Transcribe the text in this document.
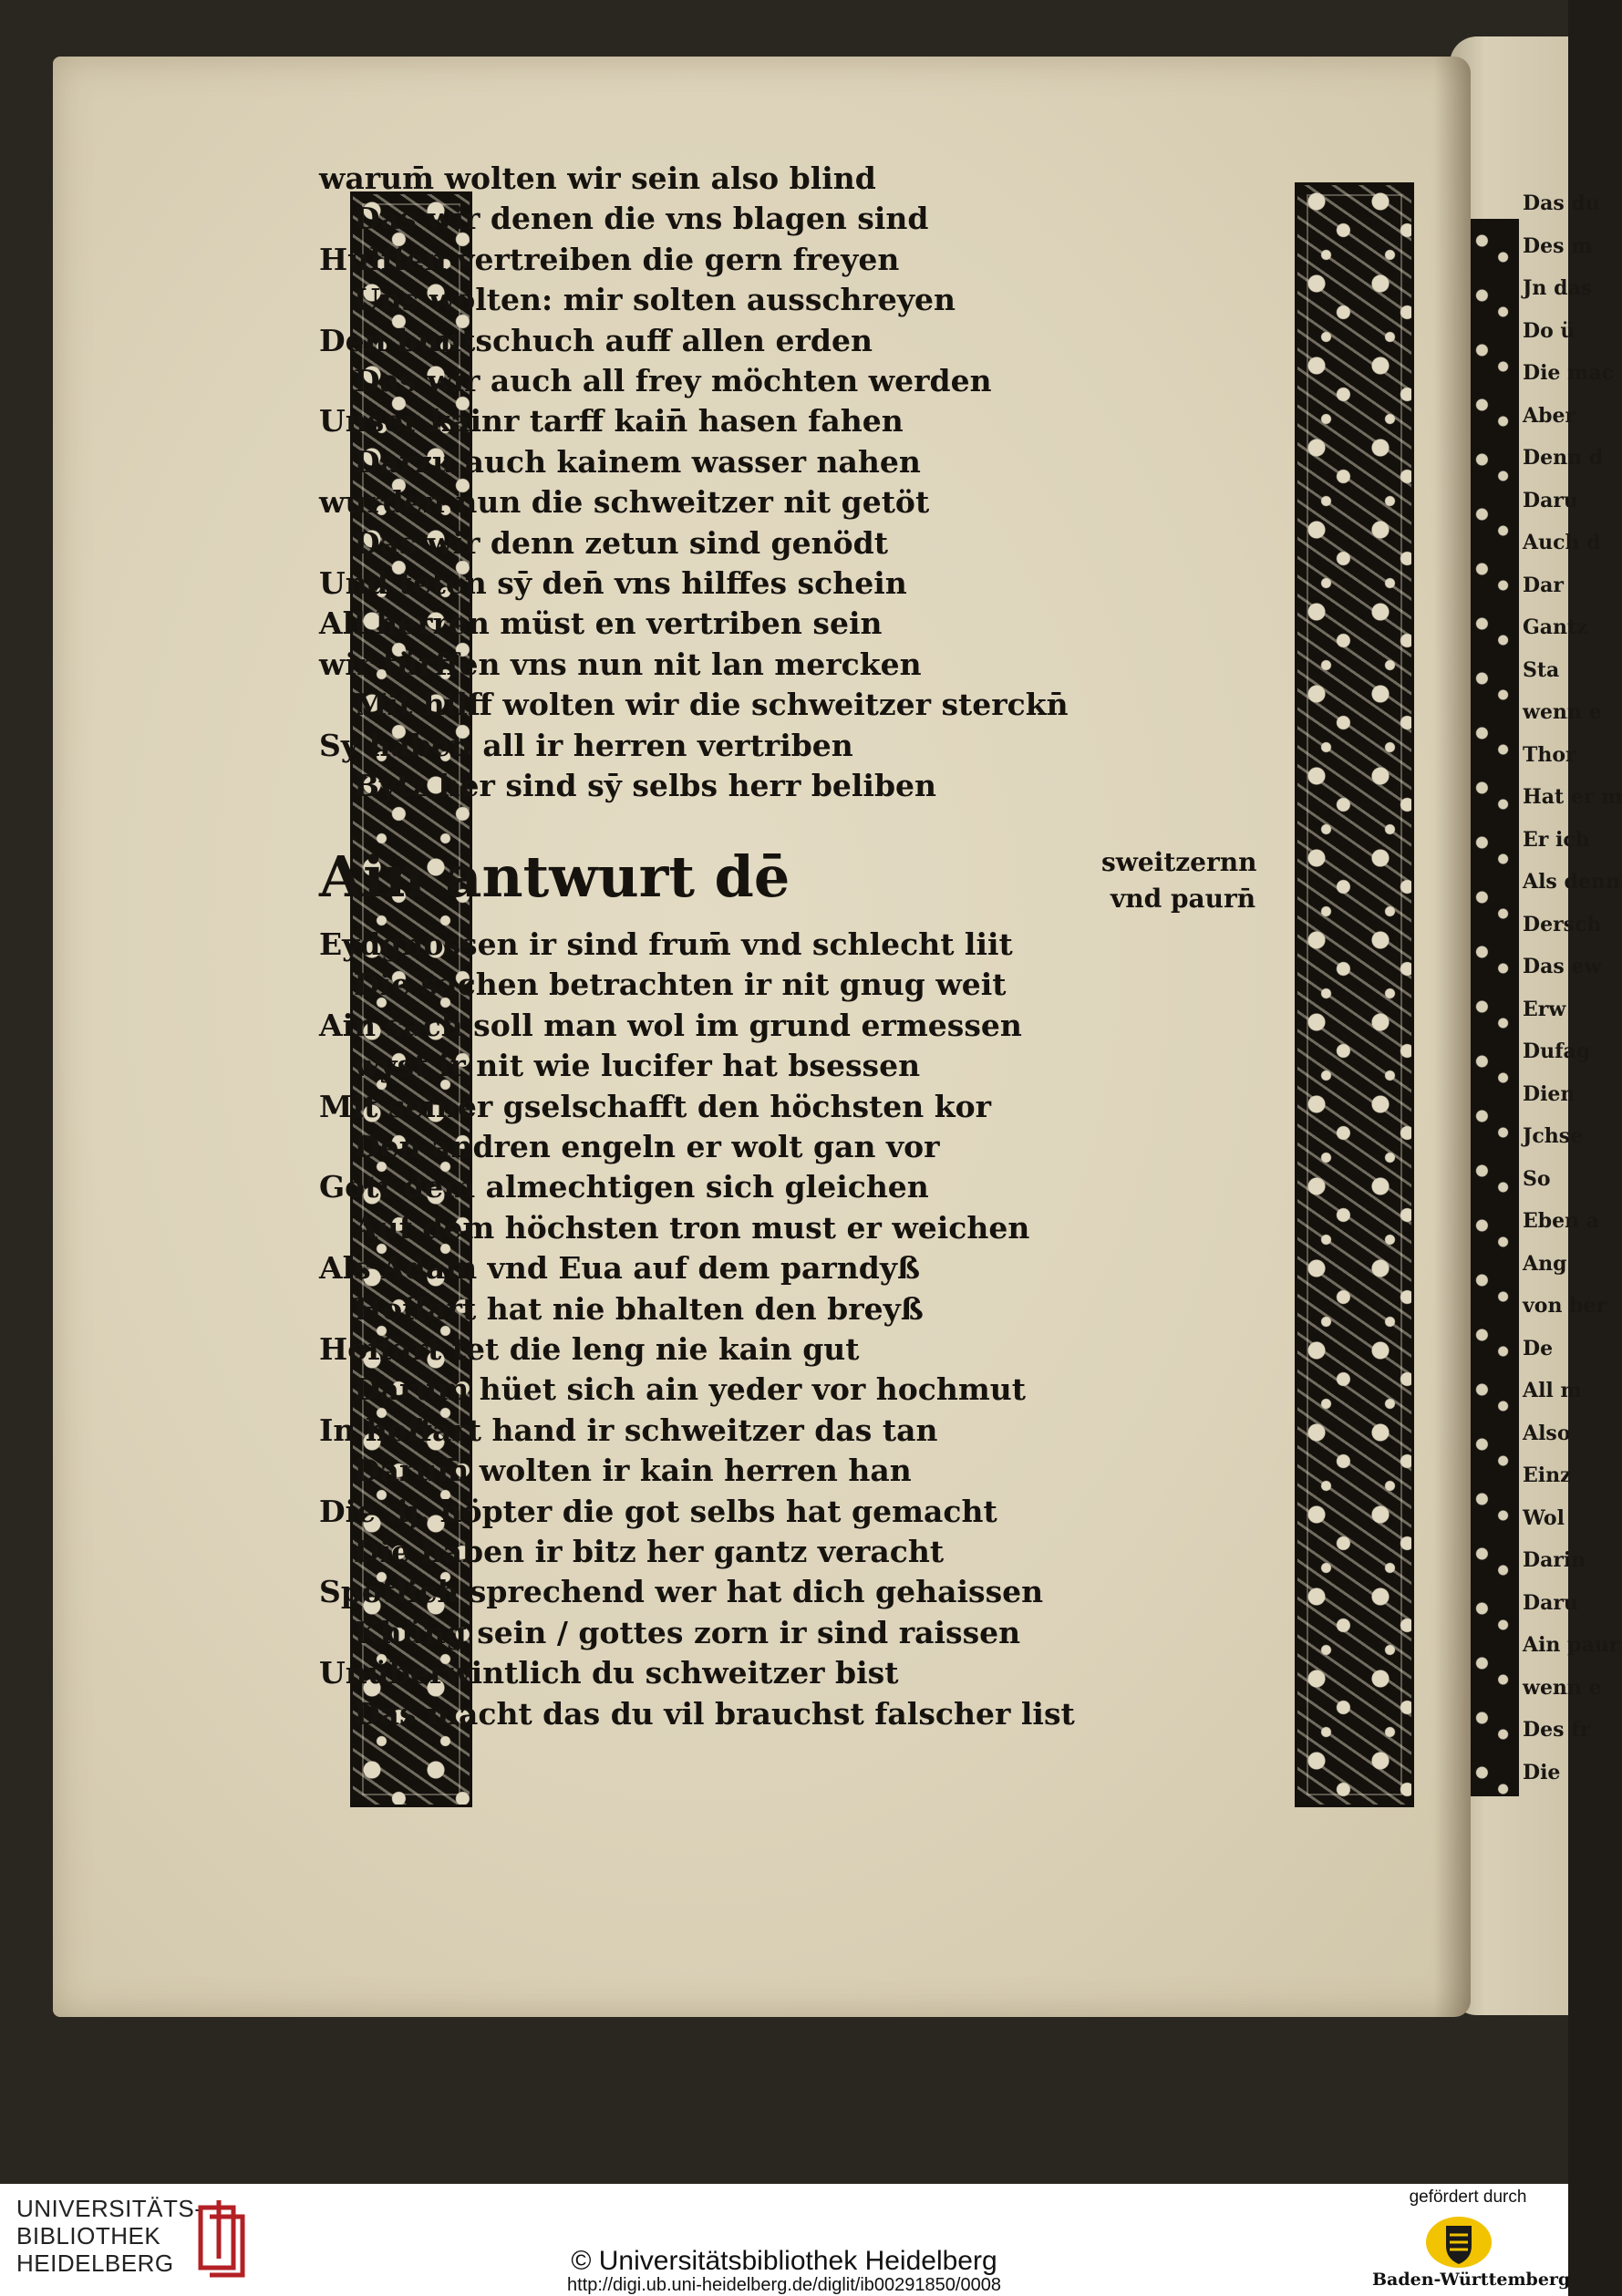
Das du
Des m
Jn das
Do ü
Die mac
Aber
Denn d
Daru
Auch d
Dar
Gantz
Sta
wenn e
Thor
Hat er m
Er ich
Als denn
Dersch
Das ew
Erw
Dufag
Dien
Jchse
So
Eben a
Ang
von ber
De
All m
Also
Einz
Wol
Darin
Daru
Ain paur
wenn e
Des fr
Die
warum̄ wolten wir sein also blind
Das wir denen die vns blagen sind
Hulffen vertreiben die gern freyen
Uns wolten: mir solten ausschreyen
Den buntschuch auff allen erden
Das wir auch all frey möchten werden
Unser kainr tarff kain̄ hasen fahen
Darzu auch kainem wasser nahen
wurden nun die schweitzer nit getöt
Das wir denn zetun sind genödt
Und teten sȳ den̄ vns hilffes schein
All herren müst en vertriben sein
wir türffen vns nun nit lan mercken
Mit hilff wolten wir die schweitzer sterckn̄
Sy haben all ir herren vertriben
Bytz her sind sȳ selbs herr beliben
Ain antwurt dē	sweitzernn
vnd paurn̄
Eydgnossen ir sind frum̄ vnd schlecht liit
Die sachen betrachten ir nit gnug weit
Ain sach soll man wol im grund ermessen
wyst ir nit wie lucifer hat bsessen
Mit seiner gselschafft den höchsten kor
Den andren engeln er wolt gan vor
Gott dem almechtigen sich gleichen
Auf dem höchsten tron must er weichen
Als Adam vnd Eua auf dem parndyß
Hoffart hat nie bhalten den breyß
Hoffart tet die leng nie kain gut
Darum̄ hüet sich ain yeder vor hochmut
In hoffart hand ir schweitzer das tan
Darum̄ wolten ir kain herren han
Die .ij. höpter die got selbs hat gemacht
Die haben ir bitz her gantz veracht
Spotlich sprechend wer hat dich gehaissen
Khüng sein / gottes zorn ir sind raissen
Unüberwintlich du schweitzer bist
Das macht das du vil brauchst falscher list
UNIVERSITÄTS-
BIBLIOTHEK
HEIDELBERG	© Universitätsbibliothek Heidelberg
http://digi.ub.uni-heidelberg.de/diglit/ib00291850/0008
gefördert durch
Baden-Württemberg
